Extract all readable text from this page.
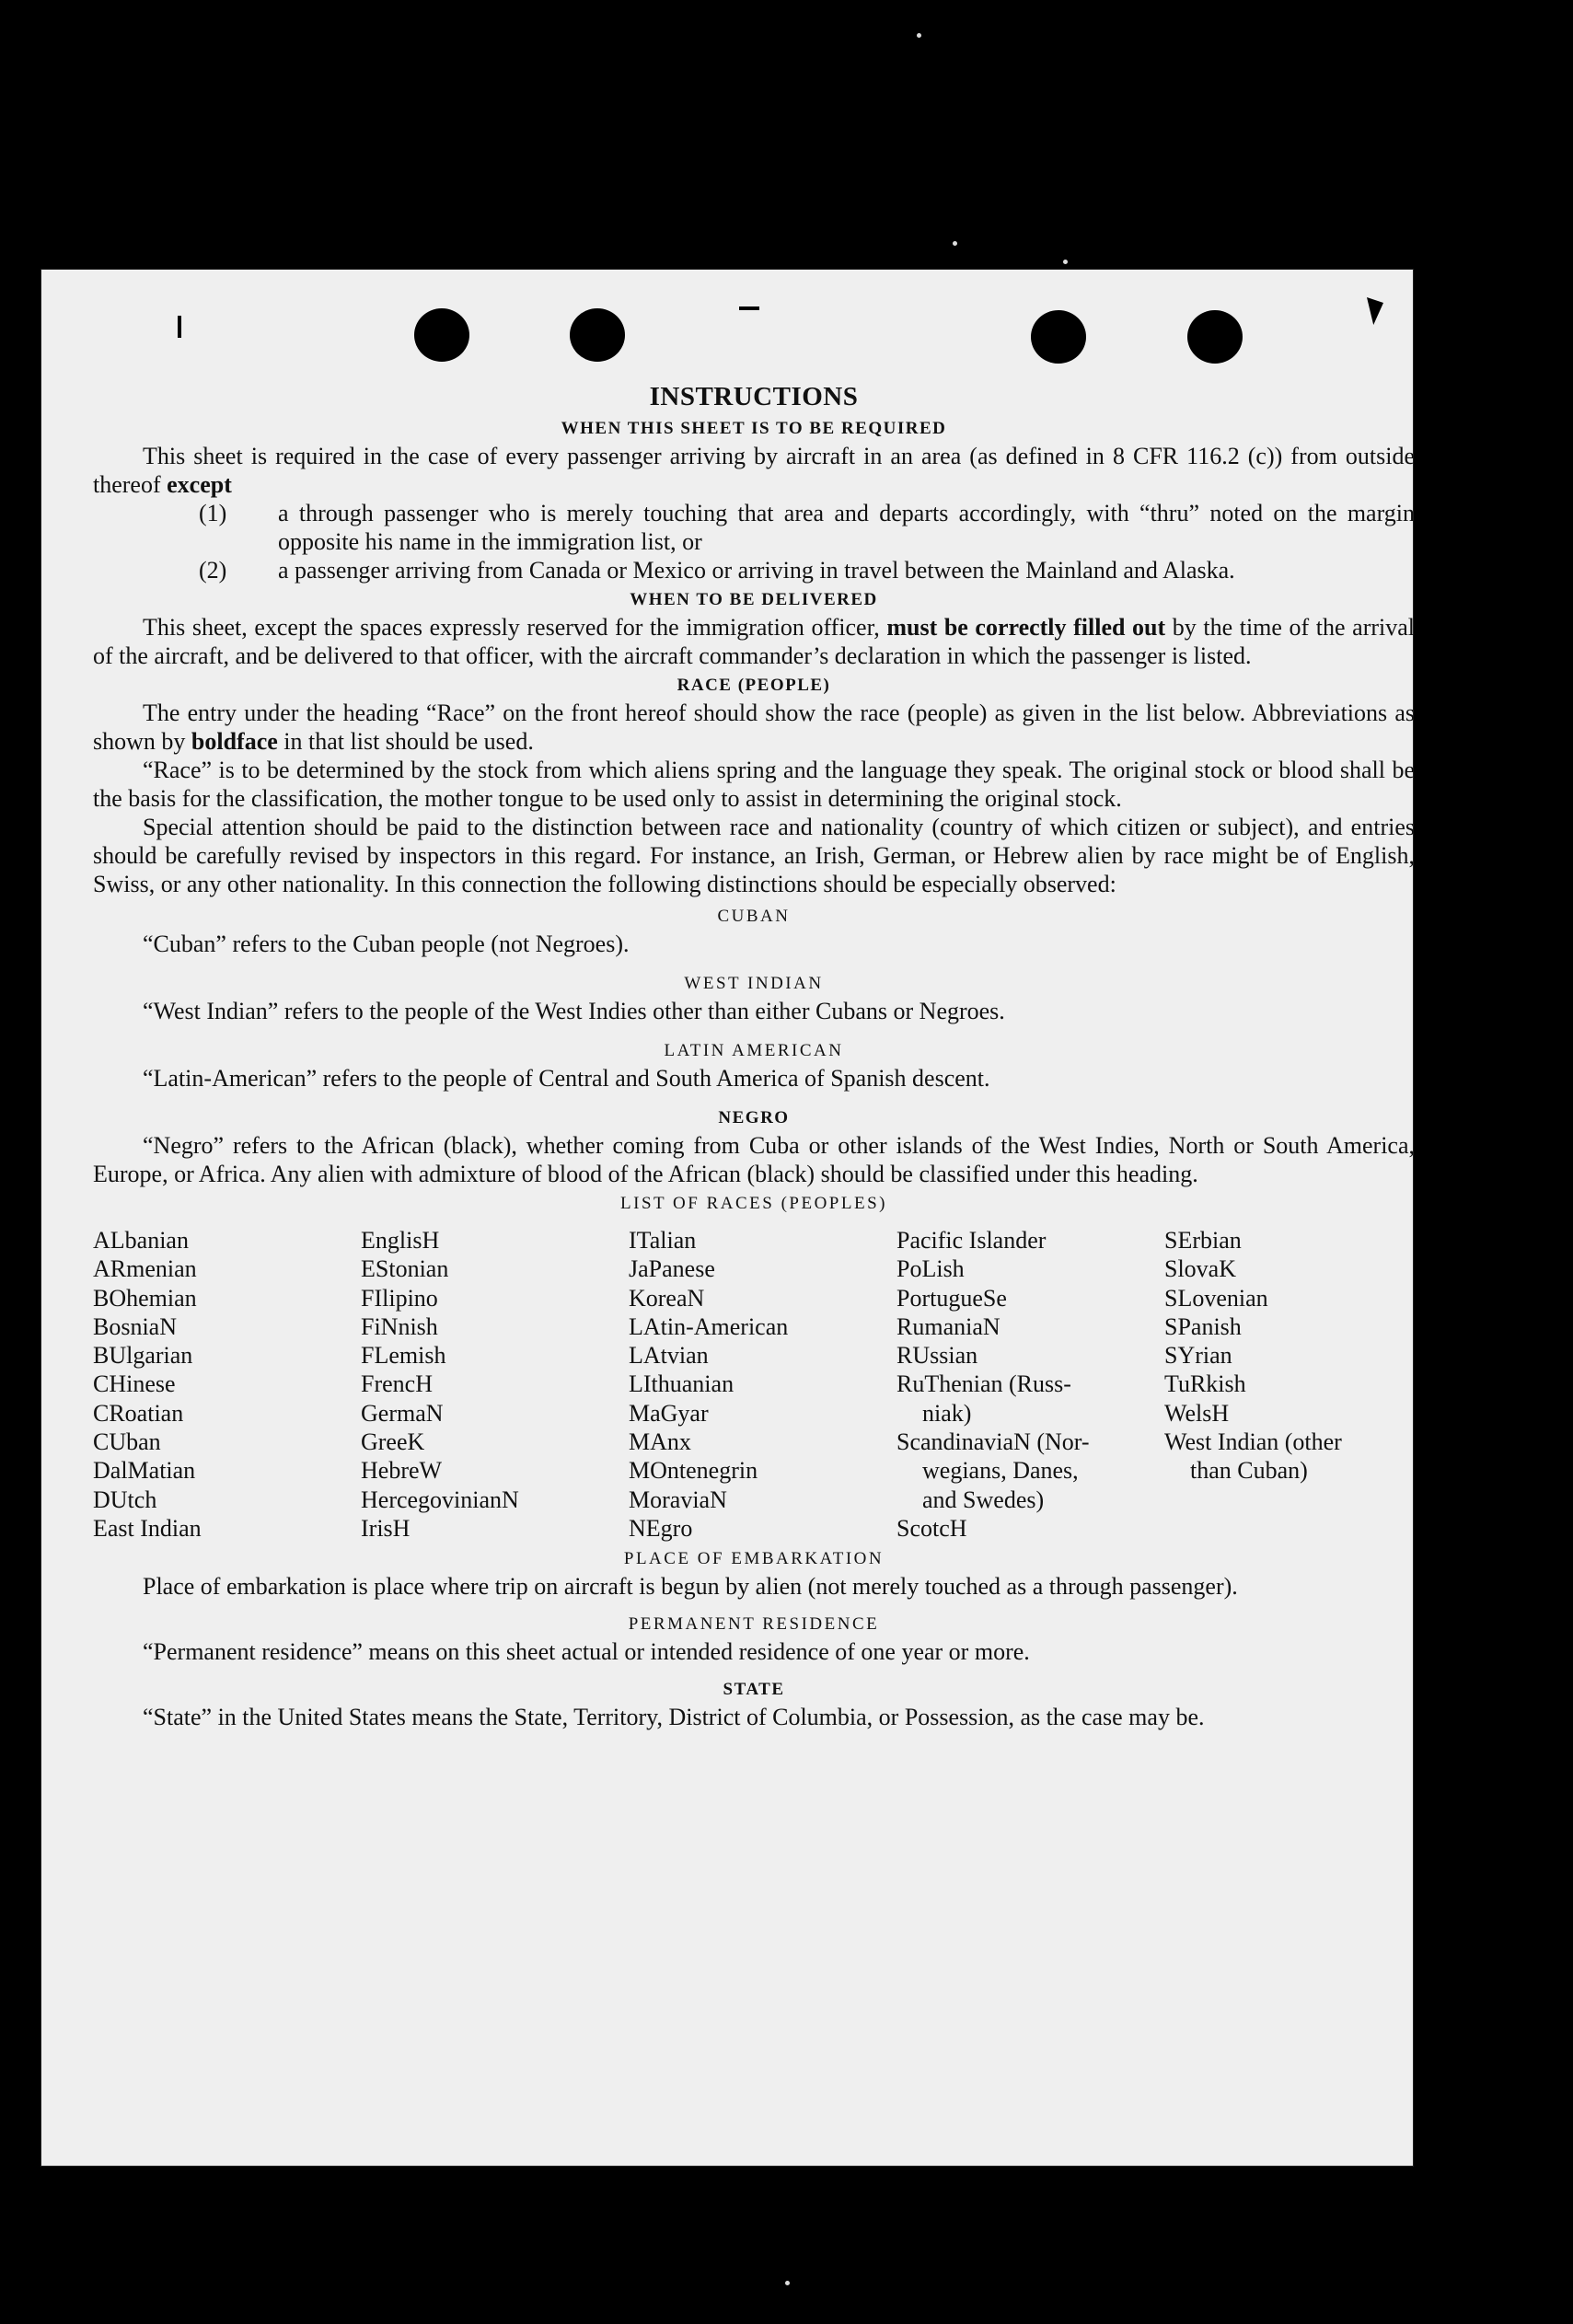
INSTRUCTIONS
WHEN THIS SHEET IS TO BE REQUIRED

This sheet is required in the case of every passenger arriving by aircraft in an area (as defined in 8 CFR 116.2 (c)) from outside thereof except

(1) a through passenger who is merely touching that area and departs accordingly, with “thru” noted on the margin opposite his name in the immigration list, or

(2) a passenger arriving from Canada or Mexico or arriving in travel between the Mainland and Alaska.

WHEN TO BE DELIVERED

This sheet, except the spaces expressly reserved for the immigration officer, must be correctly filled out by the time of the arrival of the aircraft, and be delivered to that officer, with the aircraft commander’s declaration in which the passenger is listed.

RACE (PEOPLE)

The entry under the heading “Race” on the front hereof should show the race (people) as given in the list below. Abbreviations as shown by boldface in that list should be used.

“Race” is to be determined by the stock from which aliens spring and the language they speak. The original stock or blood shall be the basis for the classification, the mother tongue to be used only to assist in determining the original stock.

Special attention should be paid to the distinction between race and nationality (country of which citizen or subject), and entries should be carefully revised by inspectors in this regard. For instance, an Irish, German, or Hebrew alien by race might be of English, Swiss, or any other nationality. In this connection the following distinctions should be especially observed:

CUBAN

“Cuban” refers to the Cuban people (not Negroes).

WEST INDIAN

“West Indian” refers to the people of the West Indies other than either Cubans or Negroes.

LATIN AMERICAN

“Latin-American” refers to the people of Central and South America of Spanish descent.

NEGRO

“Negro” refers to the African (black), whether coming from Cuba or other islands of the West Indies, North or South America, Europe, or Africa. Any alien with admixture of blood of the African (black) should be classified under this heading.

LIST OF RACES (PEOPLES)
ALbanian
ARmenian
BOhemian
BosniaN
BUlgarian
CHinese
CRoatian
CUban
DalMatian
DUtch
East Indian
EnglisH
EStonian
FIlipino
FiNnish
FLemish
FrencH
GermaN
GreeK
HebreW
HercegovinianN
IrisH
ITalian
JaPanese
KoreaN
LAtin-American
LAtvian
LIthuanian
MaGyar
MAnx
MOntenegrin
MoraviaN
NEgro
Pacific Islander
PoLish
PortugueSe
RumaniaN
RUssian
RuThenian (Russ-
niak)
ScandinaviaN (Nor-
wegians, Danes,
and Swedes)
ScotcH
SErbian
SlovaK
SLovenian
SPanish
SYrian
TuRkish
WelsH
West Indian (other
than Cuban)
PLACE OF EMBARKATION

Place of embarkation is place where trip on aircraft is begun by alien (not merely touched as a through passenger).

PERMANENT RESIDENCE

“Permanent residence” means on this sheet actual or intended residence of one year or more.

STATE

“State” in the United States means the State, Territory, District of Columbia, or Possession, as the case may be.
